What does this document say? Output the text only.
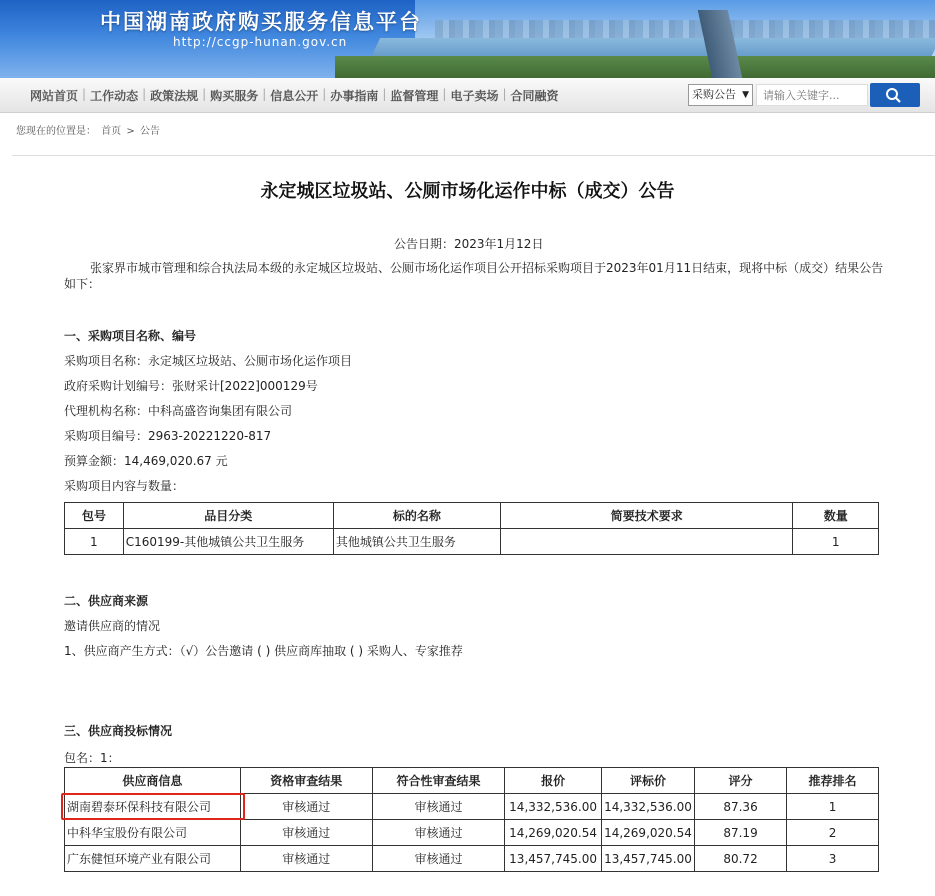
中国湖南政府购买服务信息平台
http://ccgp-hunan.gov.cn
网站首页 | 工作动态 | 政策法规 | 购买服务 | 信息公开 | 办事指南 | 监督管理 | 电子卖场 | 合同融资	采购公告 ▼
请输入关键字...
您现在的位置是： 首页 > 公告
永定城区垃圾站、公厕市场化运作中标（成交）公告
公告日期：2023年1月12日
张家界市城市管理和综合执法局本级的永定城区垃圾站、公厕市场化运作项目公开招标采购项目于2023年01月11日结束，现将中标（成交）结果公告如下：
一、采购项目名称、编号
采购项目名称：永定城区垃圾站、公厕市场化运作项目
政府采购计划编号：张财采计[2022]000129号
代理机构名称：中科高盛咨询集团有限公司
采购项目编号：2963-20221220-817
预算金额：14,469,020.67 元
采购项目内容与数量：
包号	品目分类	标的名称	简要技术要求	数量
1	C160199-其他城镇公共卫生服务	其他城镇公共卫生服务		1
二、供应商来源
邀请供应商的情况
1、供应商产生方式：（√）公告邀请 ( ) 供应商库抽取 ( ) 采购人、专家推荐
三、供应商投标情况
包名：1：
供应商信息	资格审查结果	符合性审查结果	报价	评标价	评分	推荐排名
湖南碧泰环保科技有限公司	审核通过	审核通过	14,332,536.00	14,332,536.00	87.36	1
中科华宝股份有限公司	审核通过	审核通过	14,269,020.54	14,269,020.54	87.19	2
广东健恒环境产业有限公司	审核通过	审核通过	13,457,745.00	13,457,745.00	80.72	3
